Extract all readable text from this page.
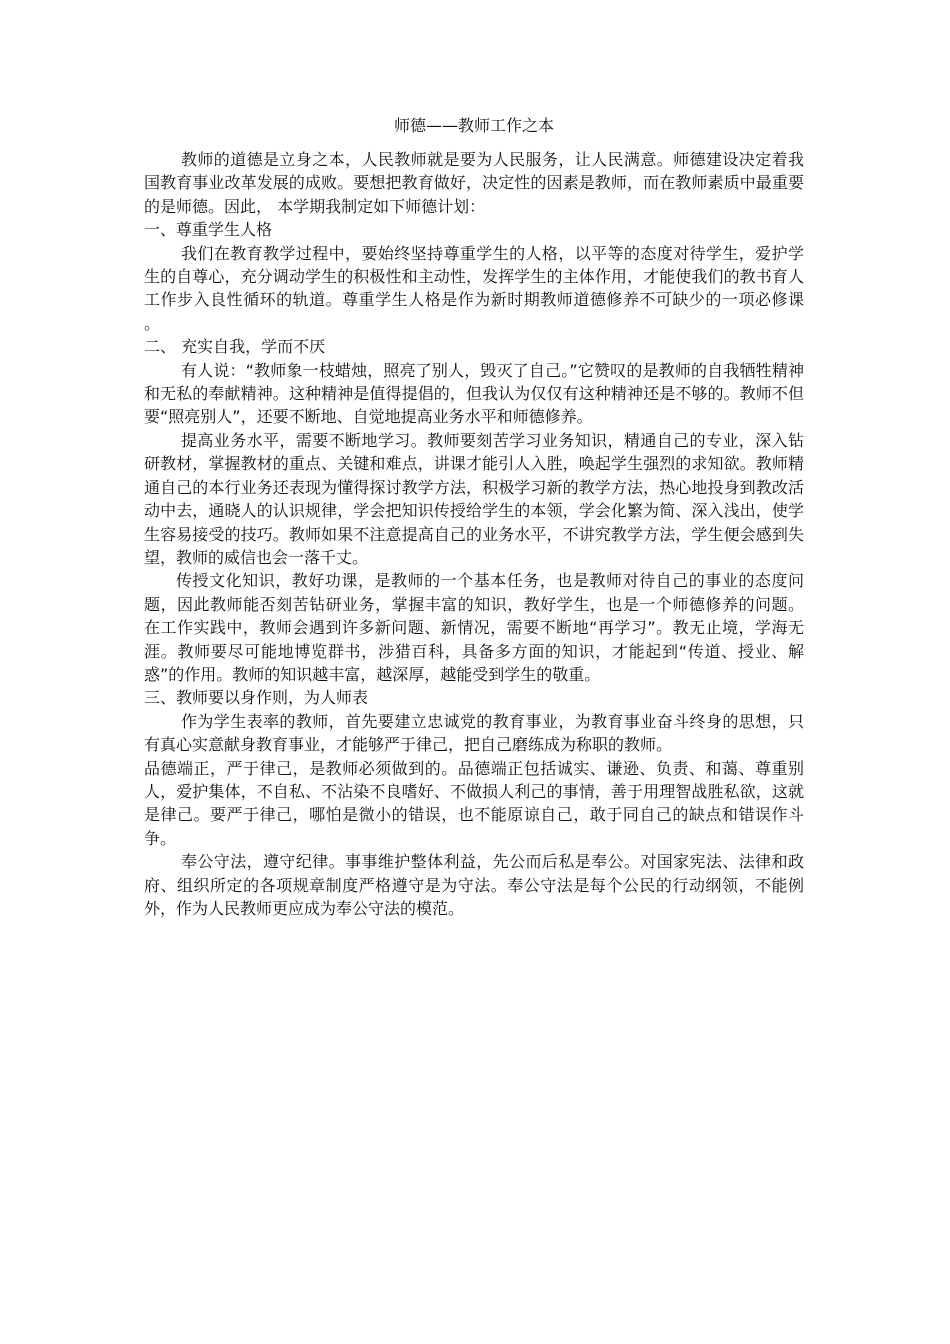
师德——教师工作之本

教师的道德是立身之本，人民教师就是要为人民服务，让人民满意。师德建设决定着我国教育事业改革发展的成败。要想把教育做好，决定性的因素是教师，而在教师素质中最重要的是师德。因此， 本学期我制定如下师德计划：

一、尊重学生人格

我们在教育教学过程中，要始终坚持尊重学生的人格，以平等的态度对待学生，爱护学生的自尊心，充分调动学生的积极性和主动性，发挥学生的主体作用，才能使我们的教书育人工作步入良性循环的轨道。尊重学生人格是作为新时期教师道德修养不可缺少的一项必修课 。

二、 充实自我，学而不厌

有人说：“教师象一枝蜡烛，照亮了别人，毁灭了自己。”它赞叹的是教师的自我牺牲精神和无私的奉献精神。这种精神是值得提倡的，但我认为仅仅有这种精神还是不够的。教师不但要“照亮别人”，还要不断地、自觉地提高业务水平和师德修养。

提高业务水平，需要不断地学习。教师要刻苦学习业务知识，精通自己的专业，深入钻研教材，掌握教材的重点、关键和难点，讲课才能引人入胜，唤起学生强烈的求知欲。教师精通自己的本行业务还表现为懂得探讨教学方法，积极学习新的教学方法，热心地投身到教改活动中去，通晓人的认识规律，学会把知识传授给学生的本领，学会化繁为简、深入浅出，使学生容易接受的技巧。教师如果不注意提高自己的业务水平，不讲究教学方法，学生便会感到失望，教师的威信也会一落千丈。

传授文化知识，教好功课，是教师的一个基本任务，也是教师对待自己的事业的态度问题，因此教师能否刻苦钻研业务，掌握丰富的知识，教好学生，也是一个师德修养的问题。 在工作实践中，教师会遇到许多新问题、新情况，需要不断地“再学习”。教无止境，学海无涯。教师要尽可能地博览群书，涉猎百科，具备多方面的知识，才能起到“传道、授业、解惑”的作用。教师的知识越丰富，越深厚，越能受到学生的敬重。

三、教师要以身作则，为人师表

作为学生表率的教师，首先要建立忠诚党的教育事业，为教育事业奋斗终身的思想，只有真心实意献身教育事业，才能够严于律己，把自己磨练成为称职的教师。

品德端正，严于律己，是教师必须做到的。品德端正包括诚实、谦逊、负责、和蔼、尊重别人，爱护集体，不自私、不沾染不良嗜好、不做损人利己的事情，善于用理智战胜私欲，这就是律己。要严于律己，哪怕是微小的错误，也不能原谅自己，敢于同自己的缺点和错误作斗争。

奉公守法，遵守纪律。事事维护整体利益，先公而后私是奉公。对国家宪法、法律和政府、组织所定的各项规章制度严格遵守是为守法。奉公守法是每个公民的行动纲领，不能例外，作为人民教师更应成为奉公守法的模范。
